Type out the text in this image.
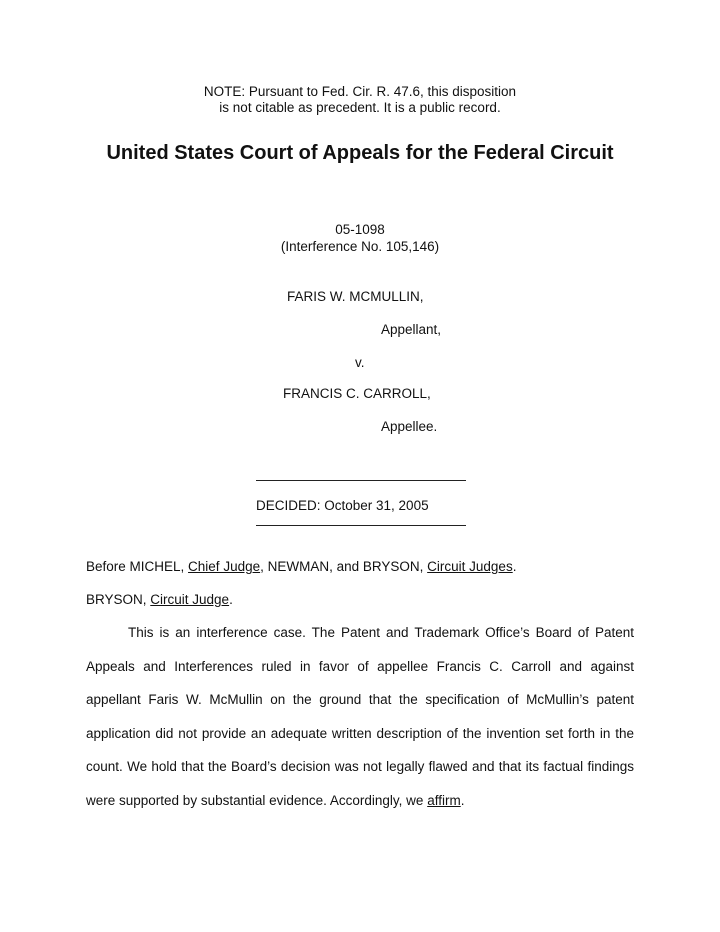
NOTE: Pursuant to Fed. Cir. R. 47.6, this disposition
is not citable as precedent. It is a public record.
United States Court of Appeals for the Federal Circuit
05-1098
(Interference No. 105,146)
FARIS W. MCMULLIN,
Appellant,
v.
FRANCIS C. CARROLL,
Appellee.
DECIDED: October 31, 2005
Before MICHEL, Chief Judge, NEWMAN, and BRYSON, Circuit Judges.
BRYSON, Circuit Judge.
This is an interference case. The Patent and Trademark Office’s Board of Patent Appeals and Interferences ruled in favor of appellee Francis C. Carroll and against appellant Faris W. McMullin on the ground that the specification of McMullin’s patent application did not provide an adequate written description of the invention set forth in the count. We hold that the Board’s decision was not legally flawed and that its factual findings were supported by substantial evidence. Accordingly, we affirm.
